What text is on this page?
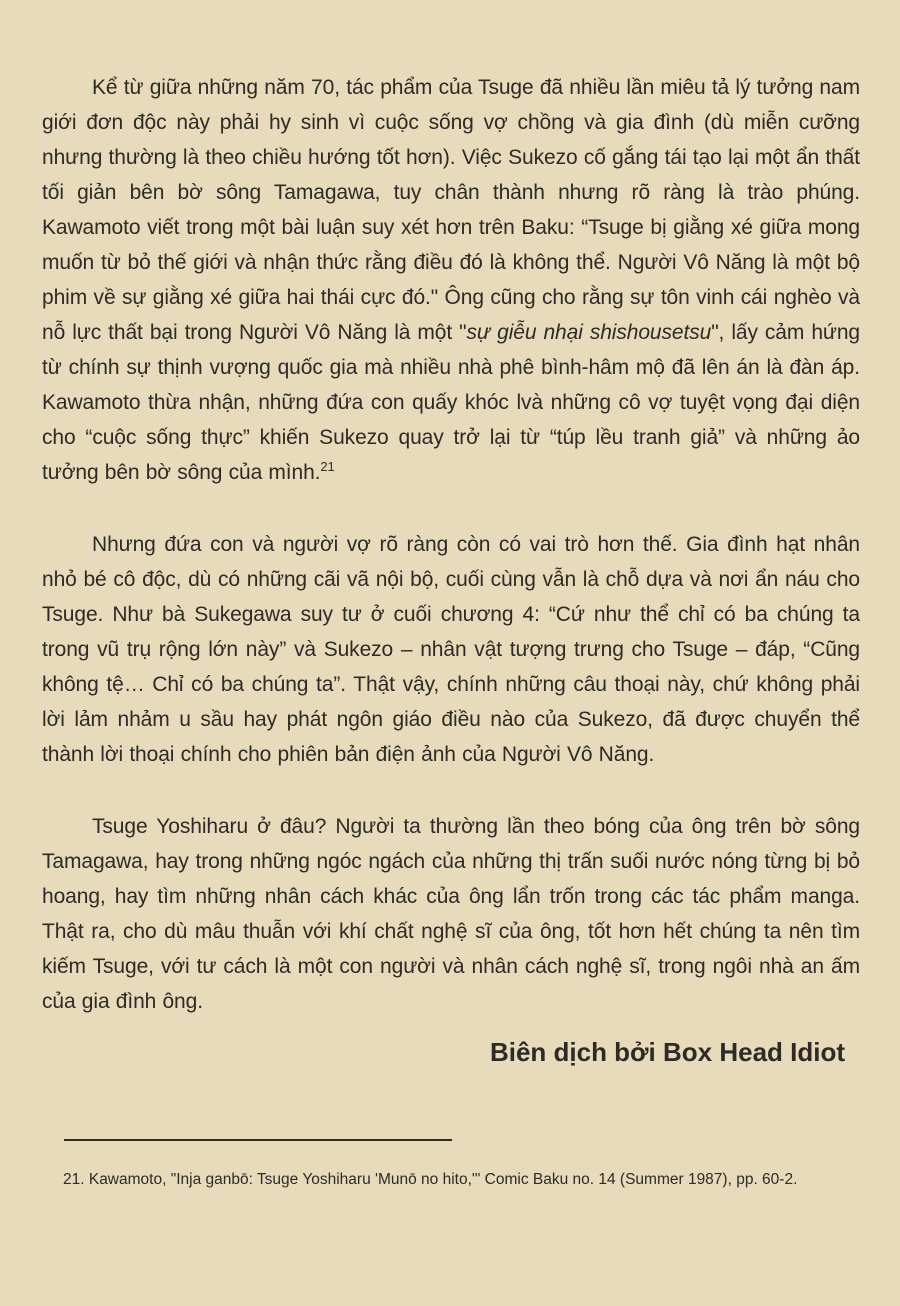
Kể từ giữa những năm 70, tác phẩm của Tsuge đã nhiều lần miêu tả lý tưởng nam giới đơn độc này phải hy sinh vì cuộc sống vợ chồng và gia đình (dù miễn cưỡng nhưng thường là theo chiều hướng tốt hơn). Việc Sukezo cố gắng tái tạo lại một ẩn thất tối giản bên bờ sông Tamagawa, tuy chân thành nhưng rõ ràng là trào phúng. Kawamoto viết trong một bài luận suy xét hơn trên Baku: “Tsuge bị giằng xé giữa mong muốn từ bỏ thế giới và nhận thức rằng điều đó là không thể. Người Vô Năng là một bộ phim về sự giằng xé giữa hai thái cực đó." Ông cũng cho rằng sự tôn vinh cái nghèo và nỗ lực thất bại trong Người Vô Năng là một "sự giễu nhại shishousetsu", lấy cảm hứng từ chính sự thịnh vượng quốc gia mà nhiều nhà phê bình-hâm mộ đã lên án là đàn áp. Kawamoto thừa nhận, những đứa con quấy khóc lvà những cô vợ tuyệt vọng đại diện cho “cuộc sống thực” khiến Sukezo quay trở lại từ “túp lều tranh giả” và những ảo tưởng bên bờ sông của mình.$^{21}$

Nhưng đứa con và người vợ rõ ràng còn có vai trò hơn thế. Gia đình hạt nhân nhỏ bé cô độc, dù có những cãi vã nội bộ, cuối cùng vẫn là chỗ dựa và nơi ẩn náu cho Tsuge. Như bà Sukegawa suy tư ở cuối chương 4: “Cứ như thể chỉ có ba chúng ta trong vũ trụ rộng lớn này” và Sukezo – nhân vật tượng trưng cho Tsuge – đáp, “Cũng không tệ… Chỉ có ba chúng ta”. Thật vậy, chính những câu thoại này, chứ không phải lời lảm nhảm u sầu hay phát ngôn giáo điều nào của Sukezo, đã được chuyển thể thành lời thoại chính cho phiên bản điện ảnh của Người Vô Năng.

Tsuge Yoshiharu ở đâu? Người ta thường lần theo bóng của ông trên bờ sông Tamagawa, hay trong những ngóc ngách của những thị trấn suối nước nóng từng bị bỏ hoang, hay tìm những nhân cách khác của ông lẩn trốn trong các tác phẩm manga. Thật ra, cho dù mâu thuẫn với khí chất nghệ sĩ của ông, tốt hơn hết chúng ta nên tìm kiếm Tsuge, với tư cách là một con người và nhân cách nghệ sĩ, trong ngôi nhà an ấm của gia đình ông.

Biên dịch bởi Box Head Idiot
21. Kawamoto, "Inja ganbō: Tsuge Yoshiharu 'Munō no hito,'" Comic Baku no. 14 (Summer 1987), pp. 60-2.
